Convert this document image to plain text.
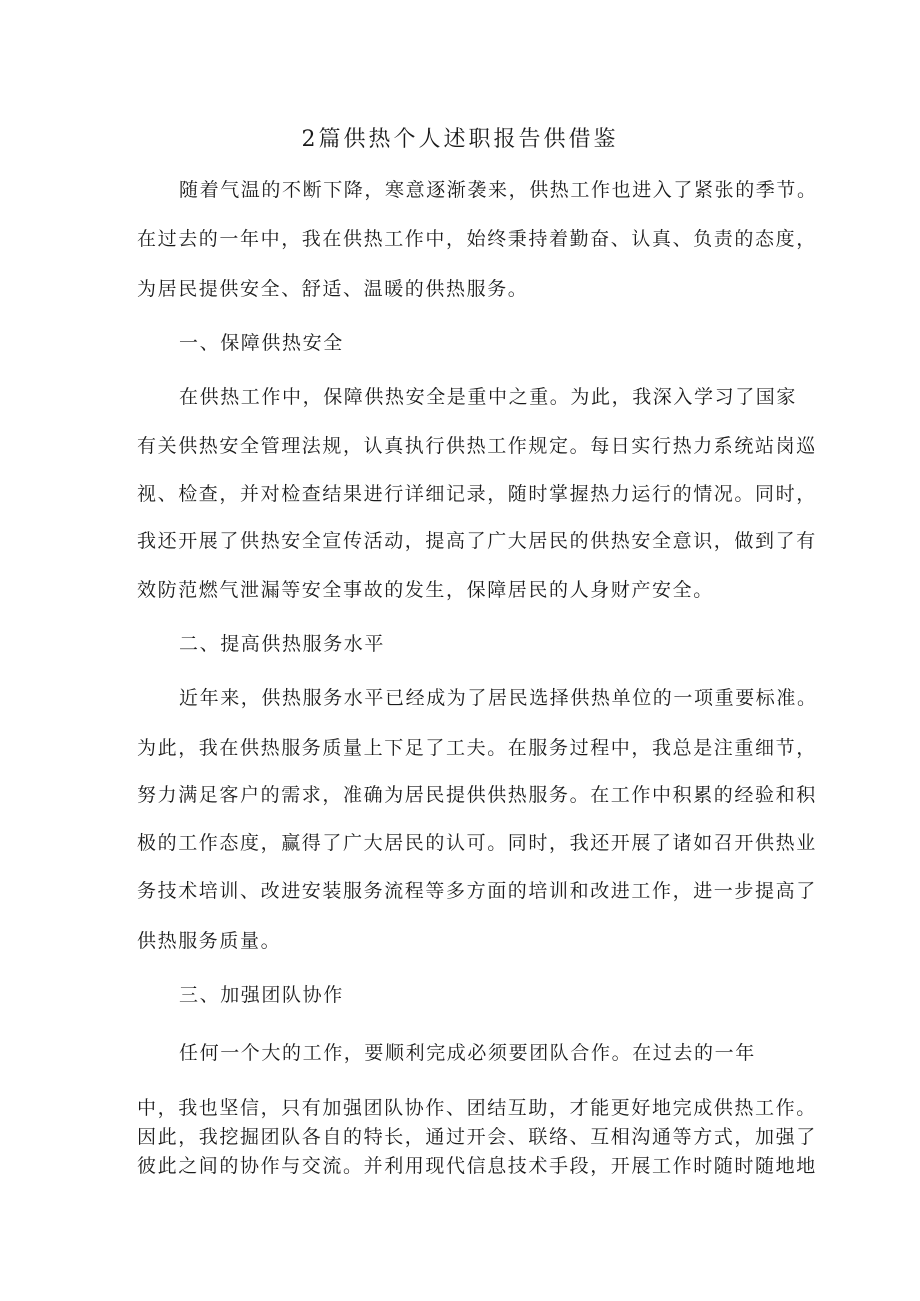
2篇供热个人述职报告供借鉴
随着气温的不断下降，寒意逐渐袭来，供热工作也进入了紧张的季节。
在过去的一年中，我在供热工作中，始终秉持着勤奋、认真、负责的态度，
为居民提供安全、舒适、温暖的供热服务。
一、保障供热安全
在供热工作中，保障供热安全是重中之重。为此，我深入学习了国家
有关供热安全管理法规，认真执行供热工作规定。每日实行热力系统站岗巡
视、检查，并对检查结果进行详细记录，随时掌握热力运行的情况。同时，
我还开展了供热安全宣传活动，提高了广大居民的供热安全意识，做到了有
效防范燃气泄漏等安全事故的发生，保障居民的人身财产安全。
二、提高供热服务水平
近年来，供热服务水平已经成为了居民选择供热单位的一项重要标准。
为此，我在供热服务质量上下足了工夫。在服务过程中，我总是注重细节，
努力满足客户的需求，准确为居民提供供热服务。在工作中积累的经验和积
极的工作态度，赢得了广大居民的认可。同时，我还开展了诸如召开供热业
务技术培训、改进安装服务流程等多方面的培训和改进工作，进一步提高了
供热服务质量。
三、加强团队协作
任何一个大的工作，要顺利完成必须要团队合作。在过去的一年
中，我也坚信，只有加强团队协作、团结互助，才能更好地完成供热工作。
因此，我挖掘团队各自的特长，通过开会、联络、互相沟通等方式，加强了
彼此之间的协作与交流。并利用现代信息技术手段，开展工作时随时随地地
